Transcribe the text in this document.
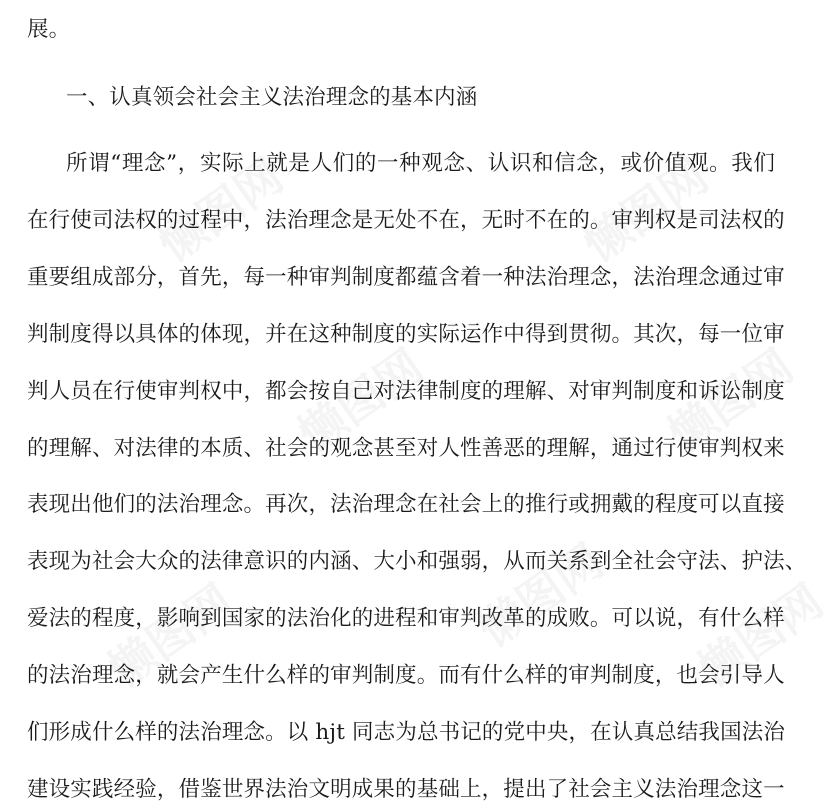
懒图网	懒图网
懒图网	懒图网
懒图网
懒图网	懒图网
展。
一、认真领会社会主义法治理念的基本内涵
所谓“理念”，实际上就是人们的一种观念、认识和信念，或价值观。我们
在行使司法权的过程中，法治理念是无处不在，无时不在的。审判权是司法权的
重要组成部分，首先，每一种审判制度都蕴含着一种法治理念，法治理念通过审
判制度得以具体的体现，并在这种制度的实际运作中得到贯彻。其次，每一位审
判人员在行使审判权中，都会按自己对法律制度的理解、对审判制度和诉讼制度
的理解、对法律的本质、社会的观念甚至对人性善恶的理解，通过行使审判权来
表现出他们的法治理念。再次，法治理念在社会上的推行或拥戴的程度可以直接
表现为社会大众的法律意识的内涵、大小和强弱，从而关系到全社会守法、护法、
爱法的程度，影响到国家的法治化的进程和审判改革的成败。可以说，有什么样
的法治理念，就会产生什么样的审判制度。而有什么样的审判制度，也会引导人
们形成什么样的法治理念。以 hjt 同志为总书记的党中央，在认真总结我国法治
建设实践经验，借鉴世界法治文明成果的基础上，提出了社会主义法治理念这一
